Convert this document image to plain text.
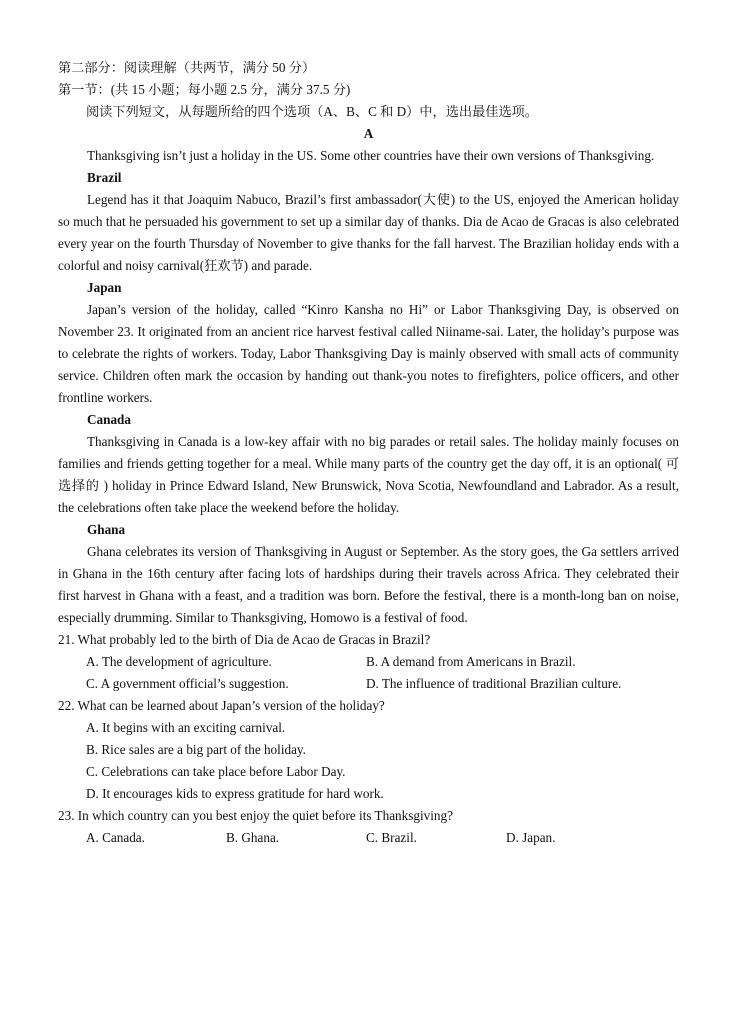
第二部分：阅读理解（共两节，满分 50 分）
第一节：(共 15 小题；每小题 2.5 分，满分 37.5 分)
阅读下列短文，从每题所给的四个选项（A、B、C 和 D）中，选出最佳选项。
A

Thanksgiving isn’t just a holiday in the US. Some other countries have their own versions of Thanksgiving.

Brazil

Legend has it that Joaquim Nabuco, Brazil’s first ambassador(大使) to the US, enjoyed the American holiday so much that he persuaded his government to set up a similar day of thanks. Dia de Acao de Gracas is also celebrated every year on the fourth Thursday of November to give thanks for the fall harvest. The Brazilian holiday ends with a colorful and noisy carnival(狂欢节) and parade.

Japan

Japan’s version of the holiday, called “Kinro Kansha no Hi” or Labor Thanksgiving Day, is observed on November 23. It originated from an ancient rice harvest festival called Niiname-sai. Later, the holiday’s purpose was to celebrate the rights of workers. Today, Labor Thanksgiving Day is mainly observed with small acts of community service. Children often mark the occasion by handing out thank-you notes to firefighters, police officers, and other frontline workers.

Canada

Thanksgiving in Canada is a low-key affair with no big parades or retail sales. The holiday mainly focuses on families and friends getting together for a meal. While many parts of the country get the day off, it is an optional( 可选择的 ) holiday in Prince Edward Island, New Brunswick, Nova Scotia, Newfoundland and Labrador. As a result, the celebrations often take place the weekend before the holiday.

Ghana

Ghana celebrates its version of Thanksgiving in August or September. As the story goes, the Ga settlers arrived in Ghana in the 16th century after facing lots of hardships during their travels across Africa. They celebrated their first harvest in Ghana with a feast, and a tradition was born. Before the festival, there is a month-long ban on noise, especially drumming. Similar to Thanksgiving, Homowo is a festival of food.

21. What probably led to the birth of Dia de Acao de Gracas in Brazil?
A. The development of agriculture.	B. A demand from Americans in Brazil.
C. A government official’s suggestion.	D. The influence of traditional Brazilian culture.
22. What can be learned about Japan’s version of the holiday?
A. It begins with an exciting carnival.
B. Rice sales are a big part of the holiday.
C. Celebrations can take place before Labor Day.
D. It encourages kids to express gratitude for hard work.
23. In which country can you best enjoy the quiet before its Thanksgiving?
A. Canada.	B. Ghana.	C. Brazil.	D. Japan.
